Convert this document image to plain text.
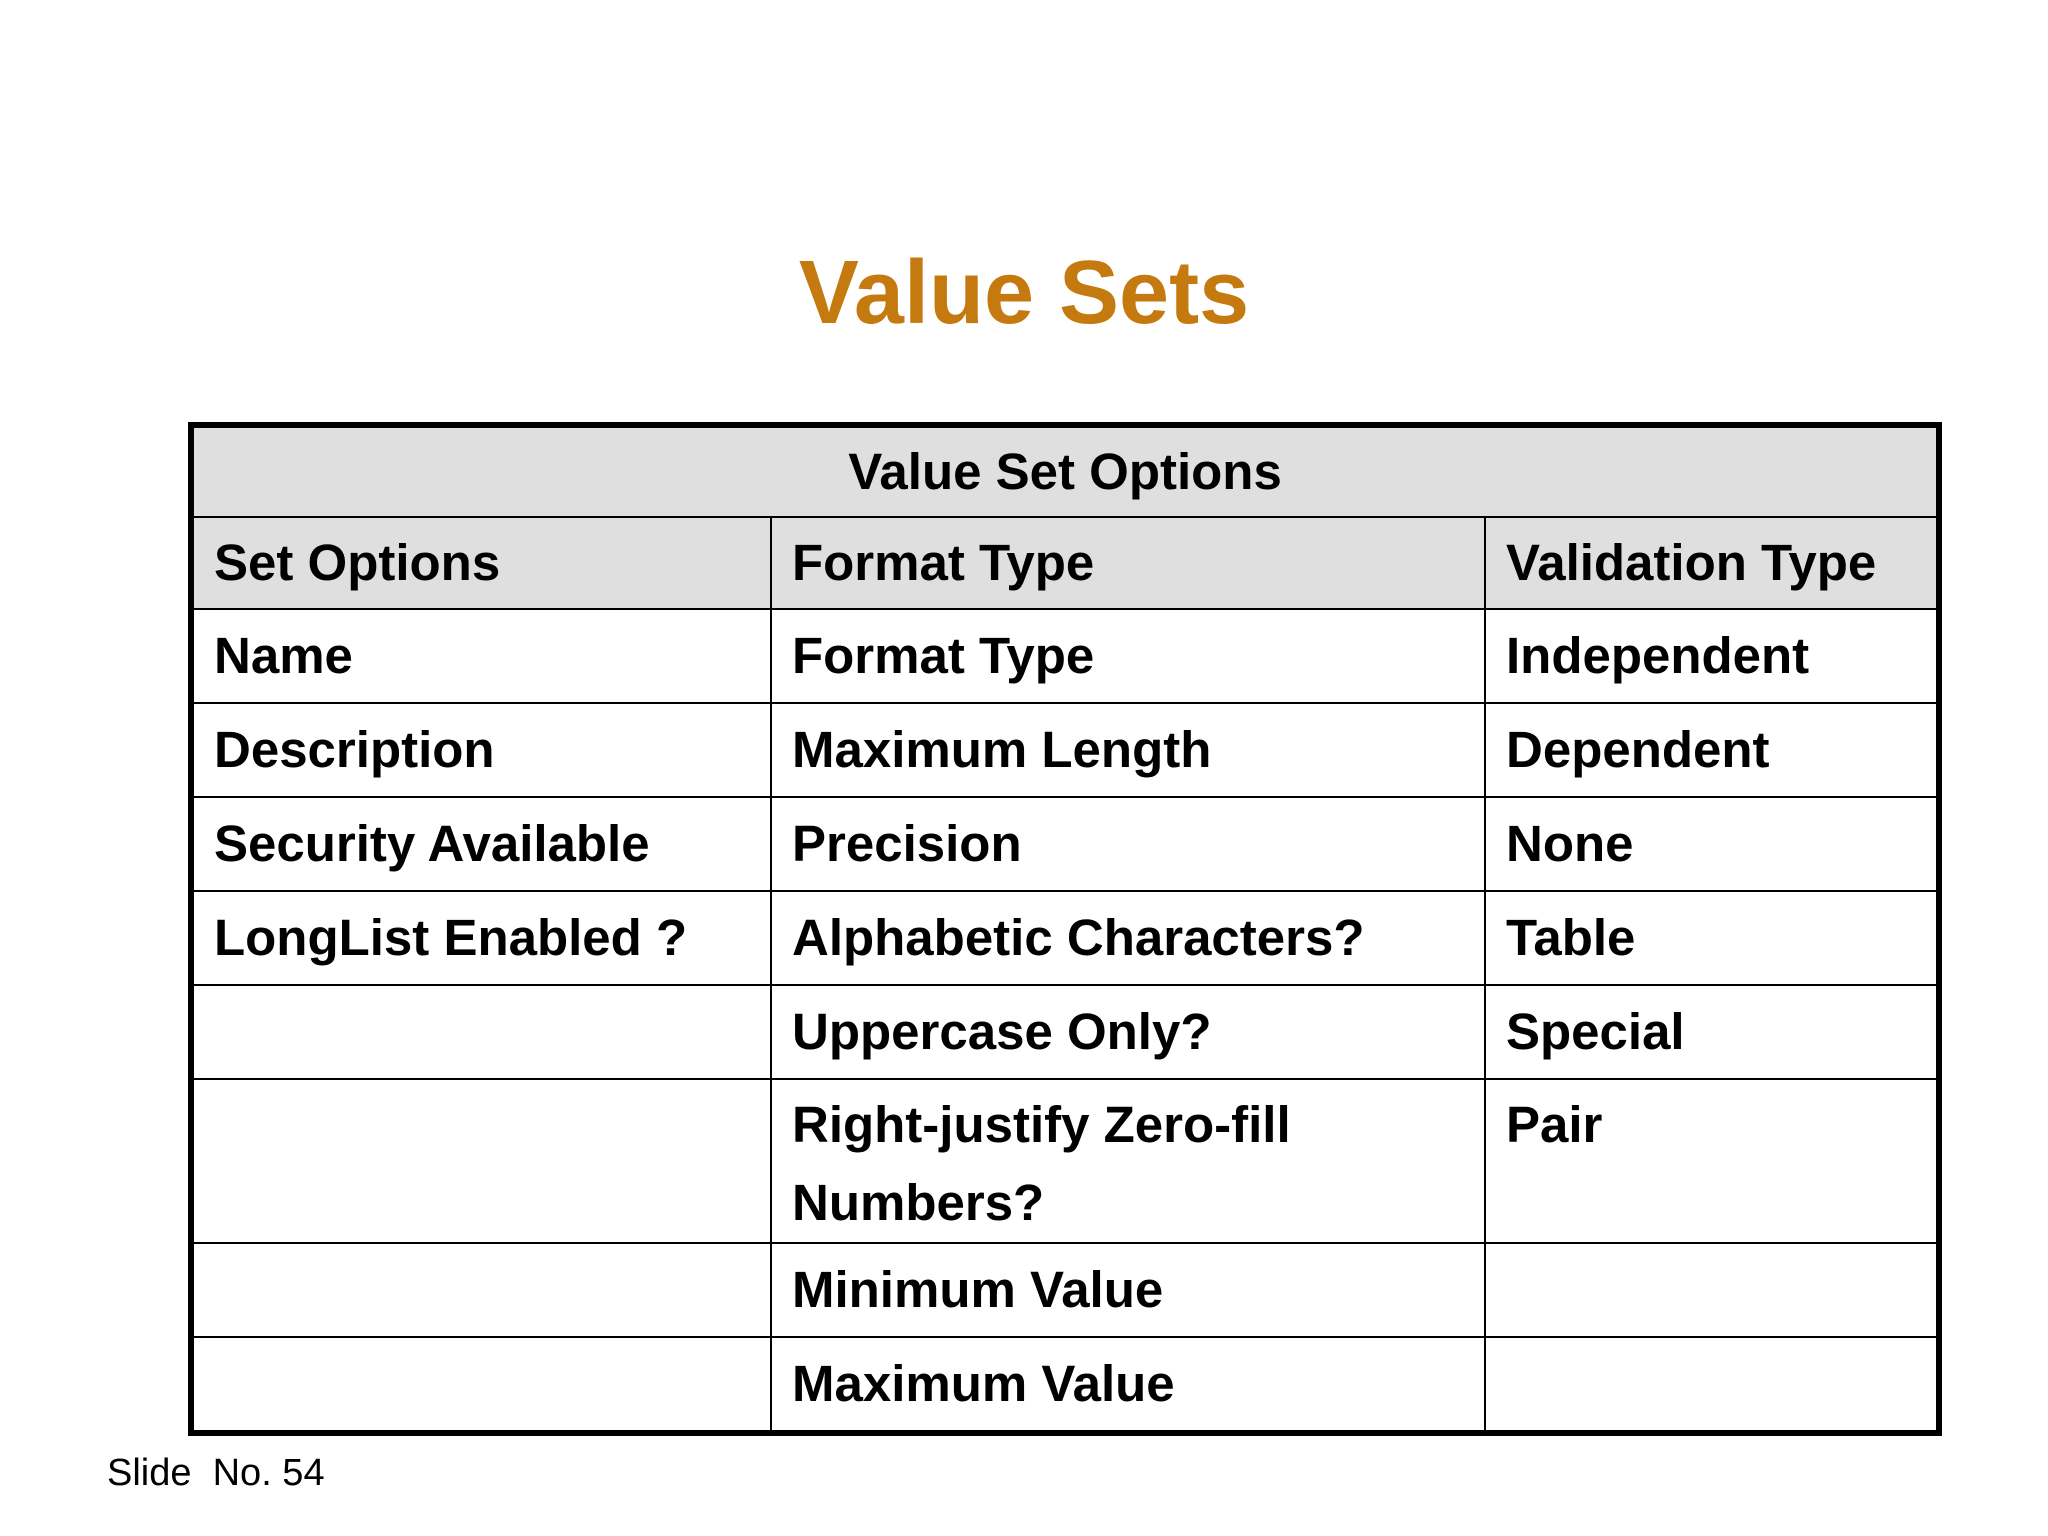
Value Sets
Value Set Options		
Set Options	Format Type	Validation Type
Name	Format Type	Independent
Description	Maximum Length	Dependent
Security Available	Precision	None
LongList Enabled ?	Alphabetic Characters?	Table
	Uppercase Only?	Special

	Right-justify Zero-fill Numbers?	Pair

	Minimum Value	
	Maximum Value	
Slide  No. 54
